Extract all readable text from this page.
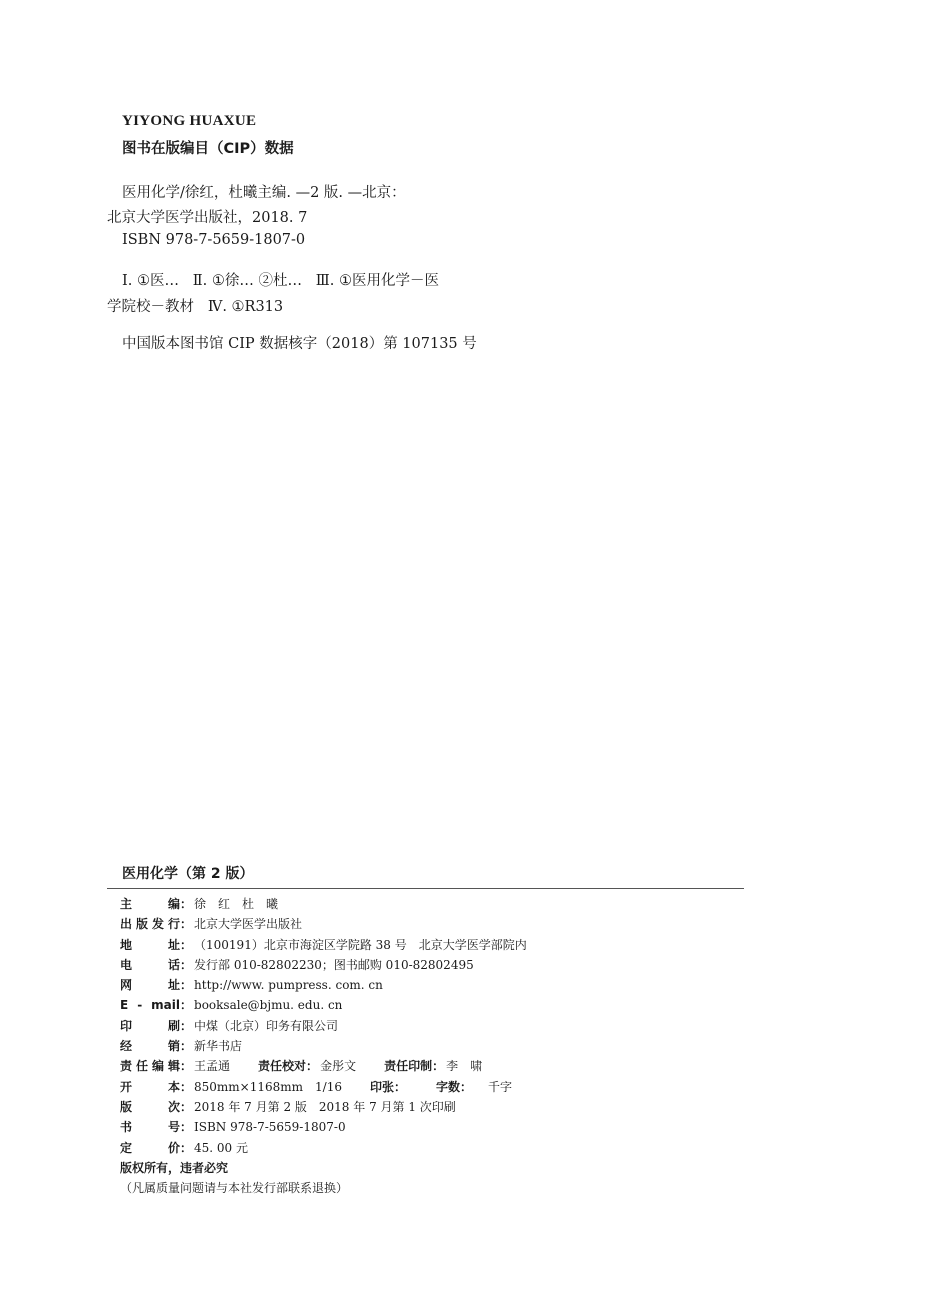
YIYONG HUAXUE
图书在版编目（CIP）数据
医用化学/徐红，杜曦主编. —2 版. —北京：
北京大学医学出版社，2018. 7
ISBN 978-7-5659-1807-0
Ⅰ. ①医…   Ⅱ. ①徐… ②杜…   Ⅲ. ①医用化学－医
学院校－教材   Ⅳ. ①R313
中国版本图书馆 CIP 数据核字（2018）第 107135 号
医用化学（第 2 版）
主　　编 ： 徐　红　杜　曦
出版发行 ： 北京大学医学出版社
地　　址 ： （100191）北京市海淀区学院路 38 号　北京大学医学部院内
电　　话 ： 发行部 010-82802230；图书邮购 010-82802495
网　　址 ： http://www. pumpress. com. cn
E - mail ： booksale@bjmu. edu. cn
印　　刷 ： 中煤（北京）印务有限公司
经　　销 ： 新华书店
责任编辑 ： 王孟通 责任校对 ： 金彤文 责任印制 ： 李　啸
开　　本 ： 850mm×1168mm　1/16 印张 ：	字数 ： 千字
版　　次 ： 2018 年 7 月第 2 版　2018 年 7 月第 1 次印刷
书　　号 ： ISBN 978-7-5659-1807-0
定　　价 ： 45. 00 元
版权所有，违者必究
（凡属质量问题请与本社发行部联系退换）
